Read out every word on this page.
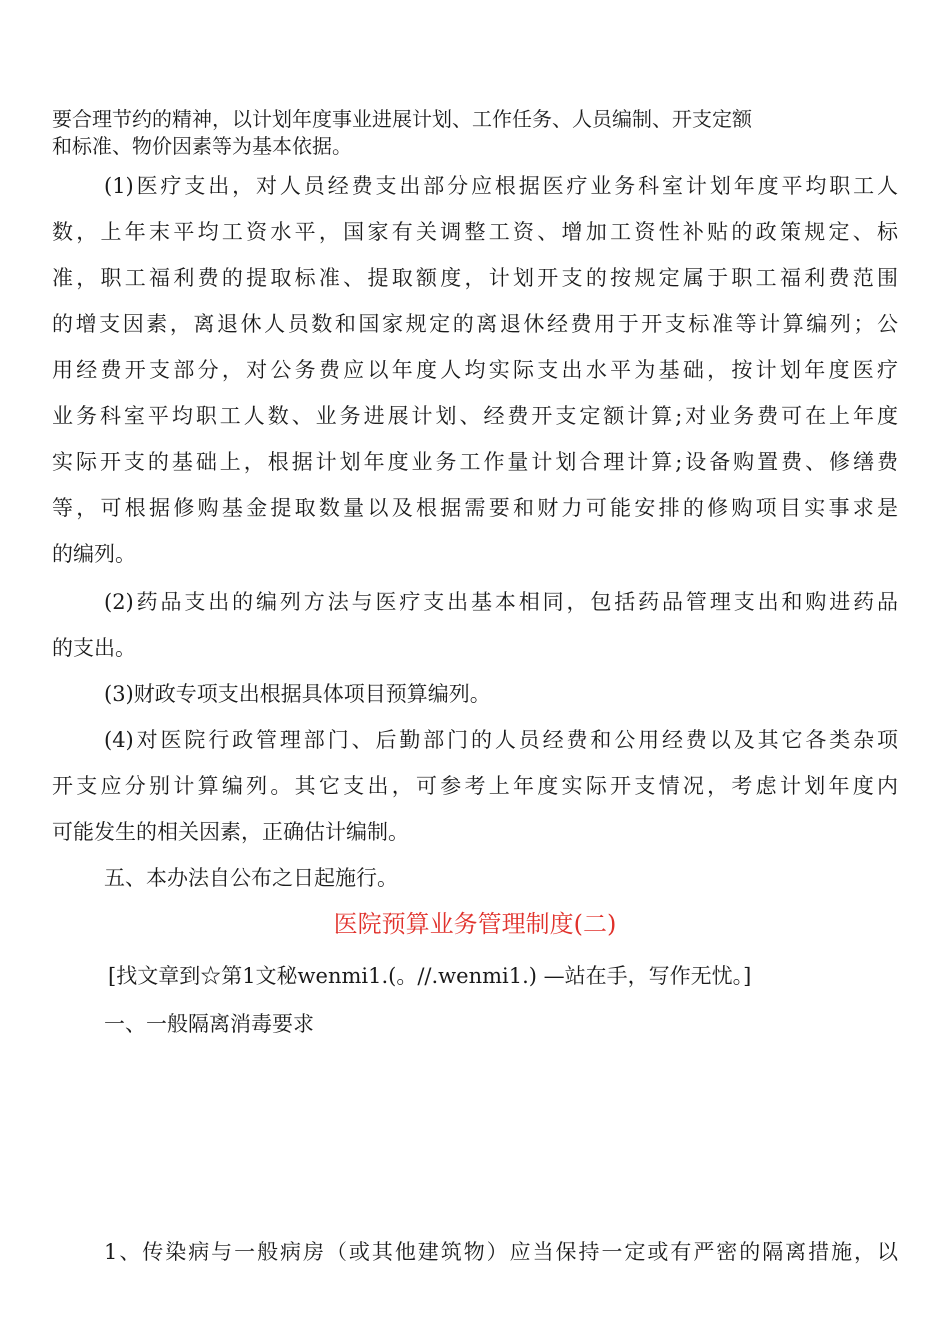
要合理节约的精神，以计划年度事业进展计划、工作任务、人员编制、开支定额
和标准、物价因素等为基本依据。
(1)医疗支出，对人员经费支出部分应根据医疗业务科室计划年度平均职工人
数，上年末平均工资水平，国家有关调整工资、增加工资性补贴的政策规定、标
准，职工福利费的提取标准、提取额度，计划开支的按规定属于职工福利费范围
的增支因素，离退休人员数和国家规定的离退休经费用于开支标准等计算编列；公
用经费开支部分，对公务费应以年度人均实际支出水平为基础，按计划年度医疗
业务科室平均职工人数、业务进展计划、经费开支定额计算;对业务费可在上年度
实际开支的基础上，根据计划年度业务工作量计划合理计算;设备购置费、修缮费
等，可根据修购基金提取数量以及根据需要和财力可能安排的修购项目实事求是
的编列。
(2)药品支出的编列方法与医疗支出基本相同，包括药品管理支出和购进药品
的支出。
(3)财政专项支出根据具体项目预算编列。
(4)对医院行政管理部门、后勤部门的人员经费和公用经费以及其它各类杂项
开支应分别计算编列。其它支出，可参考上年度实际开支情况，考虑计划年度内
可能发生的相关因素，正确估计编制。
五、本办法自公布之日起施行。
医院预算业务管理制度(二)
[找文章到☆第1文秘wenmi1.(。//.wenmi1.) —站在手，写作无忧。]
一、一般隔离消毒要求
1、传染病与一般病房（或其他建筑物）应当保持一定或有严密的隔离措施，以
